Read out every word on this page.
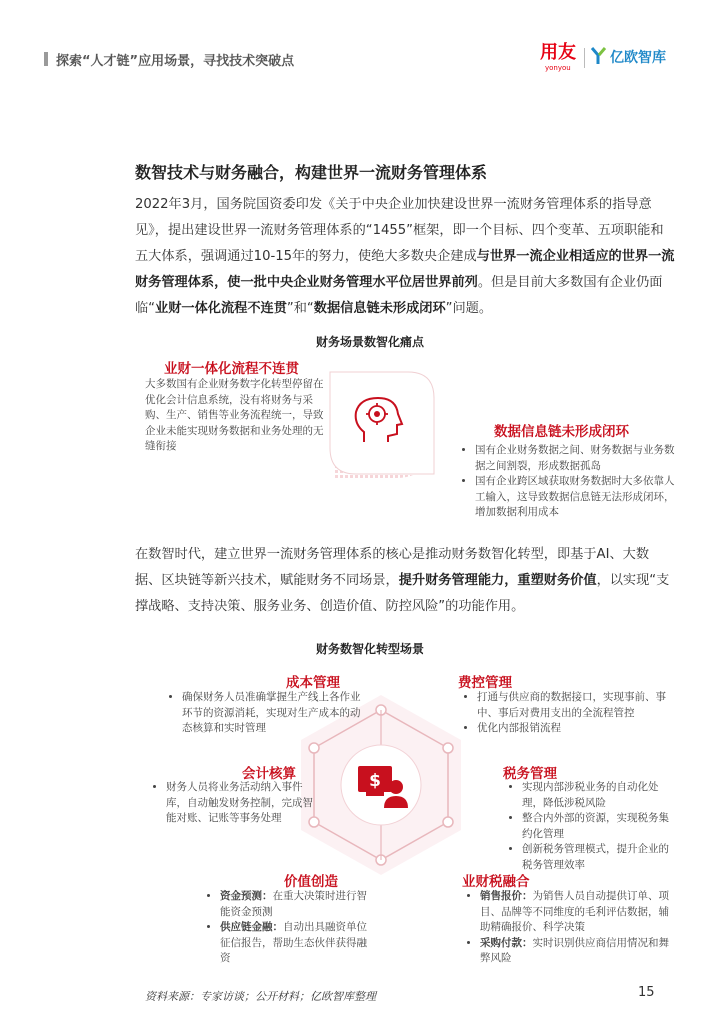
探索“人才链”应用场景，寻找技术突破点	用友
yonyou
亿欧智库
数智技术与财务融合，构建世界一流财务管理体系
2022年3月，国务院国资委印发《关于中央企业加快建设世界一流财务管理体系的指导意见》，提出建设世界一流财务管理体系的“1455”框架，即一个目标、四个变革、五项职能和五大体系，强调通过10-15年的努力，使绝大多数央企建成与世界一流企业相适应的世界一流财务管理体系，使一批中央企业财务管理水平位居世界前列。但是目前大多数国有企业仍面临“业财一体化流程不连贯”和“数据信息链未形成闭环”问题。
财务场景数智化痛点
业财一体化流程不连贯
大多数国有企业财务数字化转型停留在优化会计信息系统，没有将财务与采购、生产、销售等业务流程统一，导致企业未能实现财务数据和业务处理的无缝衔接
数据信息链未形成闭环
• 国有企业财务数据之间、财务数据与业务数据之间割裂，形成数据孤岛
• 国有企业跨区域获取财务数据时大多依靠人工输入，这导致数据信息链无法形成闭环，增加数据利用成本
在数智时代，建立世界一流财务管理体系的核心是推动财务数智化转型，即基于AI、大数据、区块链等新兴技术，赋能财务不同场景，提升财务管理能力，重塑财务价值，以实现“支撑战略、支持决策、服务业务、创造价值、防控风险”的功能作用。
财务数智化转型场景
$
成本管理
• 确保财务人员准确掌握生产线上各作业环节的资源消耗，实现对生产成本的动态核算和实时管理
费控管理
• 打通与供应商的数据接口，实现事前、事中、事后对费用支出的全流程管控
• 优化内部报销流程
会计核算
• 财务人员将业务活动纳入事件库，自动触发财务控制，完成智能对账、记账等事务处理
税务管理
• 实现内部涉税业务的自动化处理，降低涉税风险
• 整合内外部的资源，实现税务集约化管理
• 创新税务管理模式，提升企业的税务管理效率
价值创造
• 资金预测：在重大决策时进行智能资金预测
• 供应链金融：自动出具融资单位征信报告，帮助生态伙伴获得融资
业财税融合
• 销售报价：为销售人员自动提供订单、项目、品牌等不同维度的毛利评估数据，辅助精确报价、科学决策
• 采购付款：实时识别供应商信用情况和舞弊风险
资料来源：专家访谈；公开材料；亿欧智库整理	15
